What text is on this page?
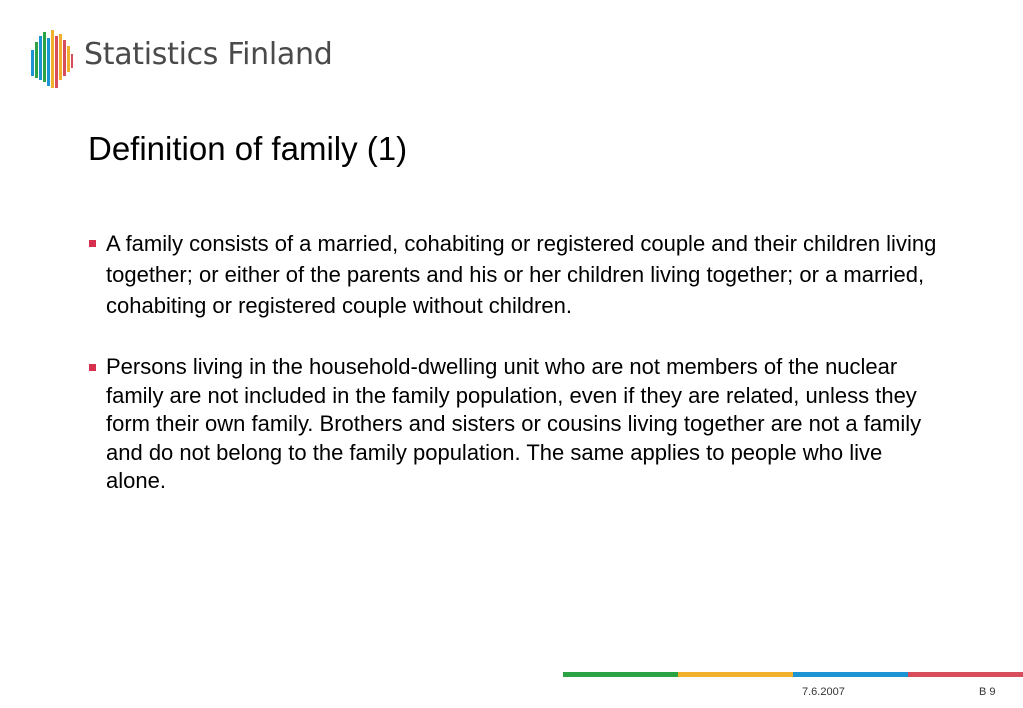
Statistics Finland
Definition of family (1)
A family consists of a married, cohabiting or registered couple and their children living together; or either of the parents and his or her children living together; or a married, cohabiting or registered couple without children.
Persons living in the household-dwelling unit who are not members of the nuclear family are not included in the family population, even if they are related, unless they form their own family. Brothers and sisters or cousins living together are not a family and do not belong to the family population. The same applies to people who live alone.
7.6.2007	B 9
